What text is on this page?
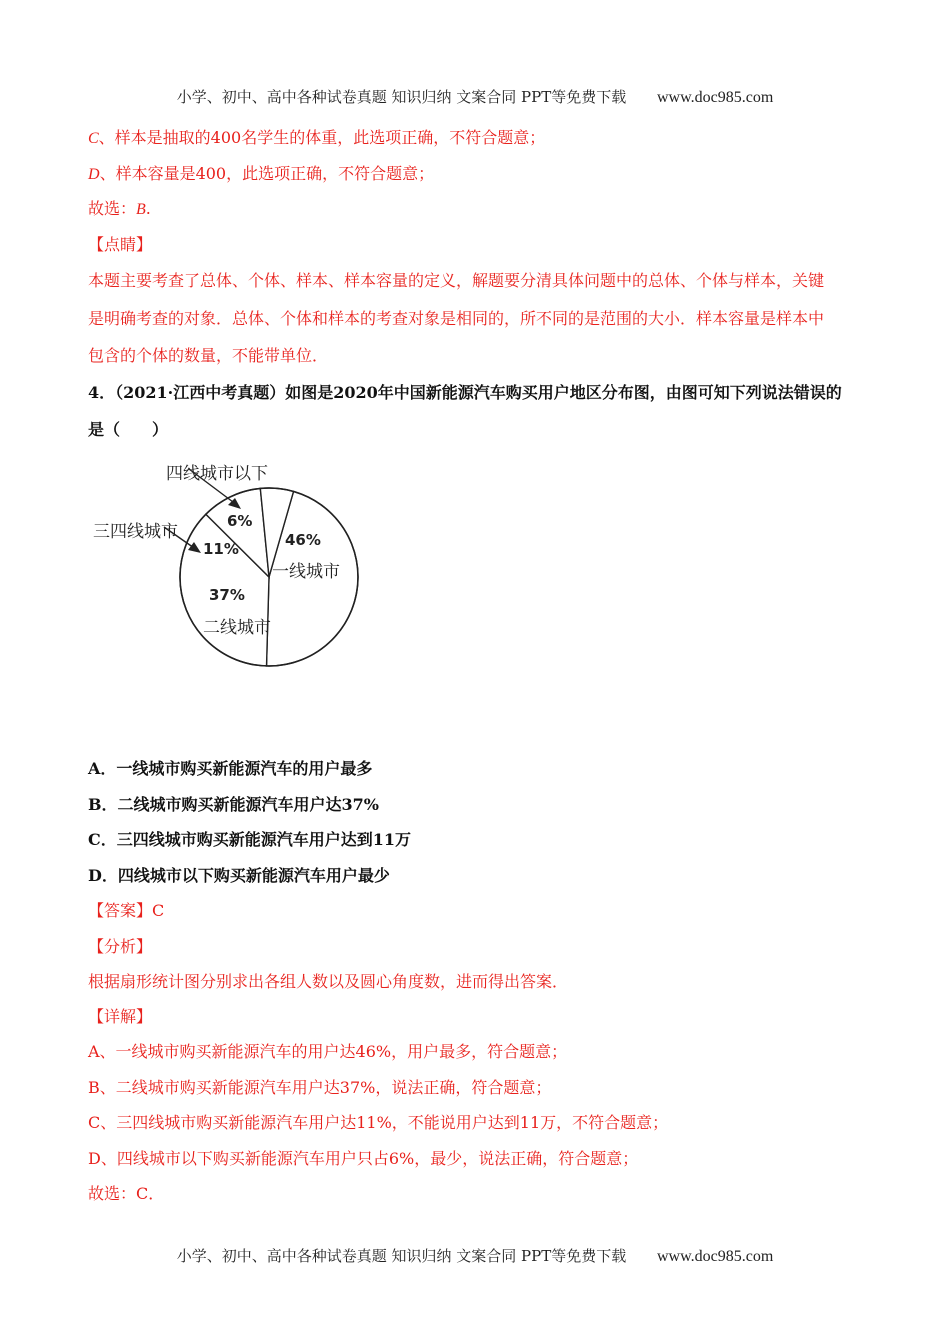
小学、初中、高中各种试卷真题 知识归纳 文案合同 PPT等免费下载 www.doc985.com
C、样本是抽取的400名学生的体重，此选项正确，不符合题意；
D、样本容量是400，此选项正确，不符合题意；
故选：B.
【点睛】
本题主要考查了总体、个体、样本、样本容量的定义，解题要分清具体问题中的总体、个体与样本，关键
是明确考查的对象．总体、个体和样本的考查对象是相同的，所不同的是范围的大小．样本容量是样本中
包含的个体的数量，不能带单位．
4．（2021·江西中考真题）如图是2020年中国新能源汽车购买用户地区分布图，由图可知下列说法错误的
是（　　）
四线城市以下
三四线城市	46%
一线城市
37%
二线城市
11%
6%
A．一线城市购买新能源汽车的用户最多
B．二线城市购买新能源汽车用户达37%
C．三四线城市购买新能源汽车用户达到11万
D．四线城市以下购买新能源汽车用户最少
【答案】C
【分析】
根据扇形统计图分别求出各组人数以及圆心角度数，进而得出答案．
【详解】
A、一线城市购买新能源汽车的用户达46%，用户最多，符合题意；
B、二线城市购买新能源汽车用户达37%，说法正确，符合题意；
C、三四线城市购买新能源汽车用户达11%，不能说用户达到11万，不符合题意；
D、四线城市以下购买新能源汽车用户只占6%，最少，说法正确，符合题意；
故选：C．
小学、初中、高中各种试卷真题 知识归纳 文案合同 PPT等免费下载 www.doc985.com
